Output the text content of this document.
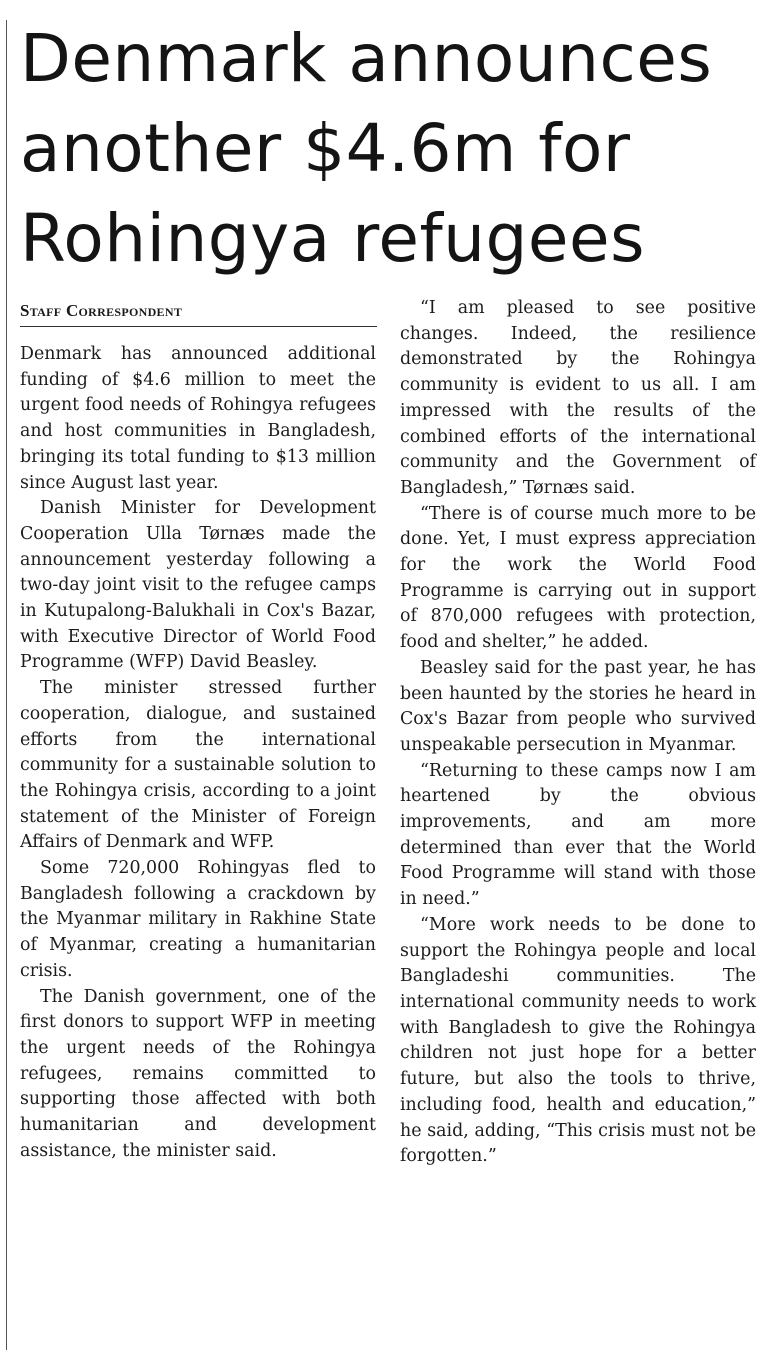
Denmark announces
another $4.6m for
Rohingya refugees
Staff Correspondent

Denmark has announced additional funding of $4.6 million to meet the urgent food needs of Rohingya refugees and host communities in Bangladesh, bringing its total funding to $13 million since August last year.

Danish Minister for Development Cooperation Ulla Tørnæs made the announcement yesterday following a two-day joint visit to the refugee camps in Kutupalong-Balukhali in Cox's Bazar, with Executive Director of World Food Programme (WFP) David Beasley.

The minister stressed further cooperation, dialogue, and sustained efforts from the international community for a sustainable solution to the Rohingya crisis, according to a joint statement of the Minister of Foreign Affairs of Denmark and WFP.

Some 720,000 Rohingyas fled to Bangladesh following a crackdown by the Myanmar military in Rakhine State of Myanmar, creating a humanitarian crisis.

The Danish government, one of the first donors to support WFP in meeting the urgent needs of the Rohingya refugees, remains committed to supporting those affected with both humanitarian and development assistance, the minister said.

“I am pleased to see positive changes. Indeed, the resilience demonstrated by the Rohingya community is evident to us all. I am impressed with the results of the combined efforts of the international community and the Government of Bangladesh,” Tørnæs said.

“There is of course much more to be done. Yet, I must express appreciation for the work the World Food Programme is carrying out in support of 870,000 refugees with protection, food and shelter,” he added.

Beasley said for the past year, he has been haunted by the stories he heard in Cox's Bazar from people who survived unspeakable persecution in Myanmar.

“Returning to these camps now I am heartened by the obvious improvements, and am more determined than ever that the World Food Programme will stand with those in need.”

“More work needs to be done to support the Rohingya people and local Bangladeshi communities. The international community needs to work with Bangladesh to give the Rohingya children not just hope for a better future, but also the tools to thrive, including food, health and education,” he said, adding, “This crisis must not be forgotten.”
